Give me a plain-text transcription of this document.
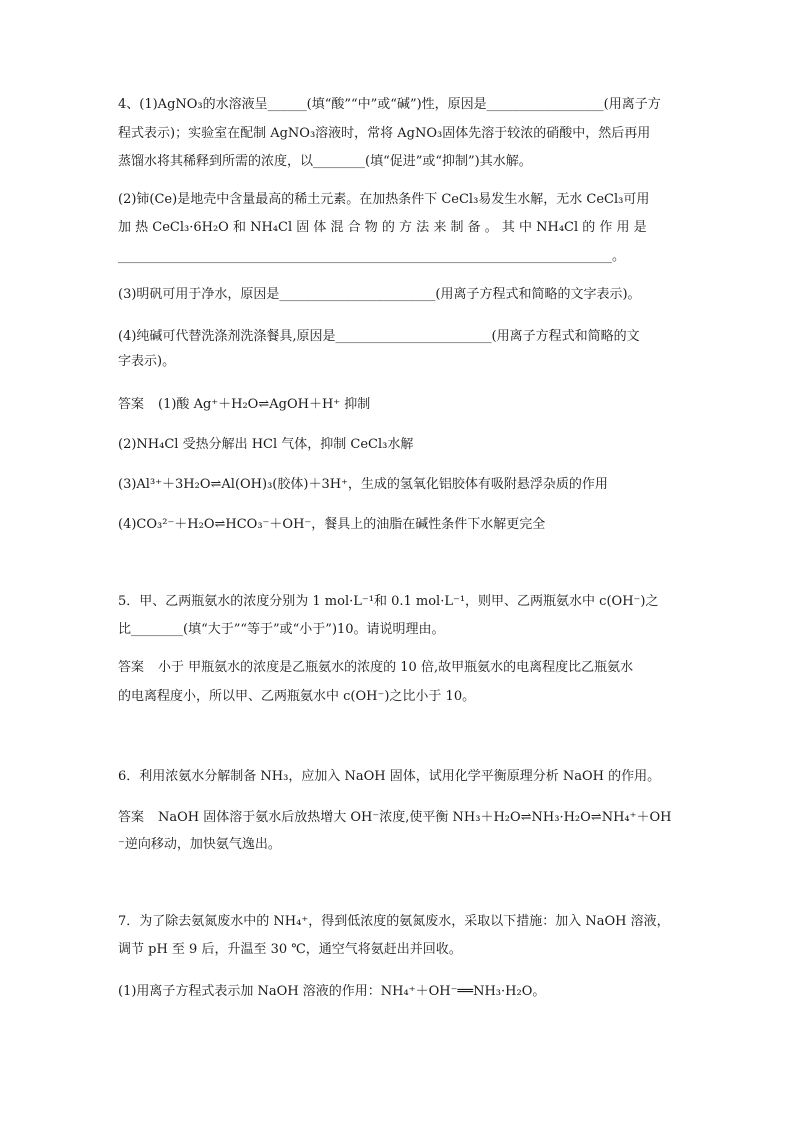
4、(1)AgNO₃的水溶液呈______(填“酸”“中”或“碱”)性，原因是__________________(用离子方
程式表示)；实验室在配制 AgNO₃溶液时，常将 AgNO₃固体先溶于较浓的硝酸中，然后再用
蒸馏水将其稀释到所需的浓度，以________(填“促进”或“抑制”)其水解。
(2)铈(Ce)是地壳中含量最高的稀土元素。在加热条件下 CeCl₃易发生水解，无水 CeCl₃可用
加 热 CeCl₃·6H₂O 和 NH₄Cl 固 体 混 合 物 的 方 法 来 制 备 。 其 中 NH₄Cl 的 作 用 是
____________________________________________________________________________。
(3)明矾可用于净水，原因是________________________(用离子方程式和简略的文字表示)。
(4)纯碱可代替洗涤剂洗涤餐具,原因是________________________(用离子方程式和简略的文
字表示)。
答案 (1)酸 Ag⁺＋H₂O⇌AgOH＋H⁺ 抑制
(2)NH₄Cl 受热分解出 HCl 气体，抑制 CeCl₃水解
(3)Al³⁺＋3H₂O⇌Al(OH)₃(胶体)＋3H⁺，生成的氢氧化铝胶体有吸附悬浮杂质的作用
(4)CO₃²⁻＋H₂O⇌HCO₃⁻＋OH⁻，餐具上的油脂在碱性条件下水解更完全
5．甲、乙两瓶氨水的浓度分别为 1 mol·L⁻¹和 0.1 mol·L⁻¹，则甲、乙两瓶氨水中 c(OH⁻)之
比________(填“大于”“等于”或“小于”)10。请说明理由。
答案 小于 甲瓶氨水的浓度是乙瓶氨水的浓度的 10 倍,故甲瓶氨水的电离程度比乙瓶氨水
的电离程度小，所以甲、乙两瓶氨水中 c(OH⁻)之比小于 10。
6．利用浓氨水分解制备 NH₃，应加入 NaOH 固体，试用化学平衡原理分析 NaOH 的作用。
答案 NaOH 固体溶于氨水后放热增大 OH⁻浓度,使平衡 NH₃＋H₂O⇌NH₃·H₂O⇌NH₄⁺＋OH
⁻逆向移动，加快氨气逸出。
7．为了除去氨氮废水中的 NH₄⁺，得到低浓度的氨氮废水，采取以下措施：加入 NaOH 溶液，
调节 pH 至 9 后，升温至 30 ℃，通空气将氨赶出并回收。
(1)用离子方程式表示加 NaOH 溶液的作用：NH₄⁺＋OH⁻══NH₃·H₂O。
